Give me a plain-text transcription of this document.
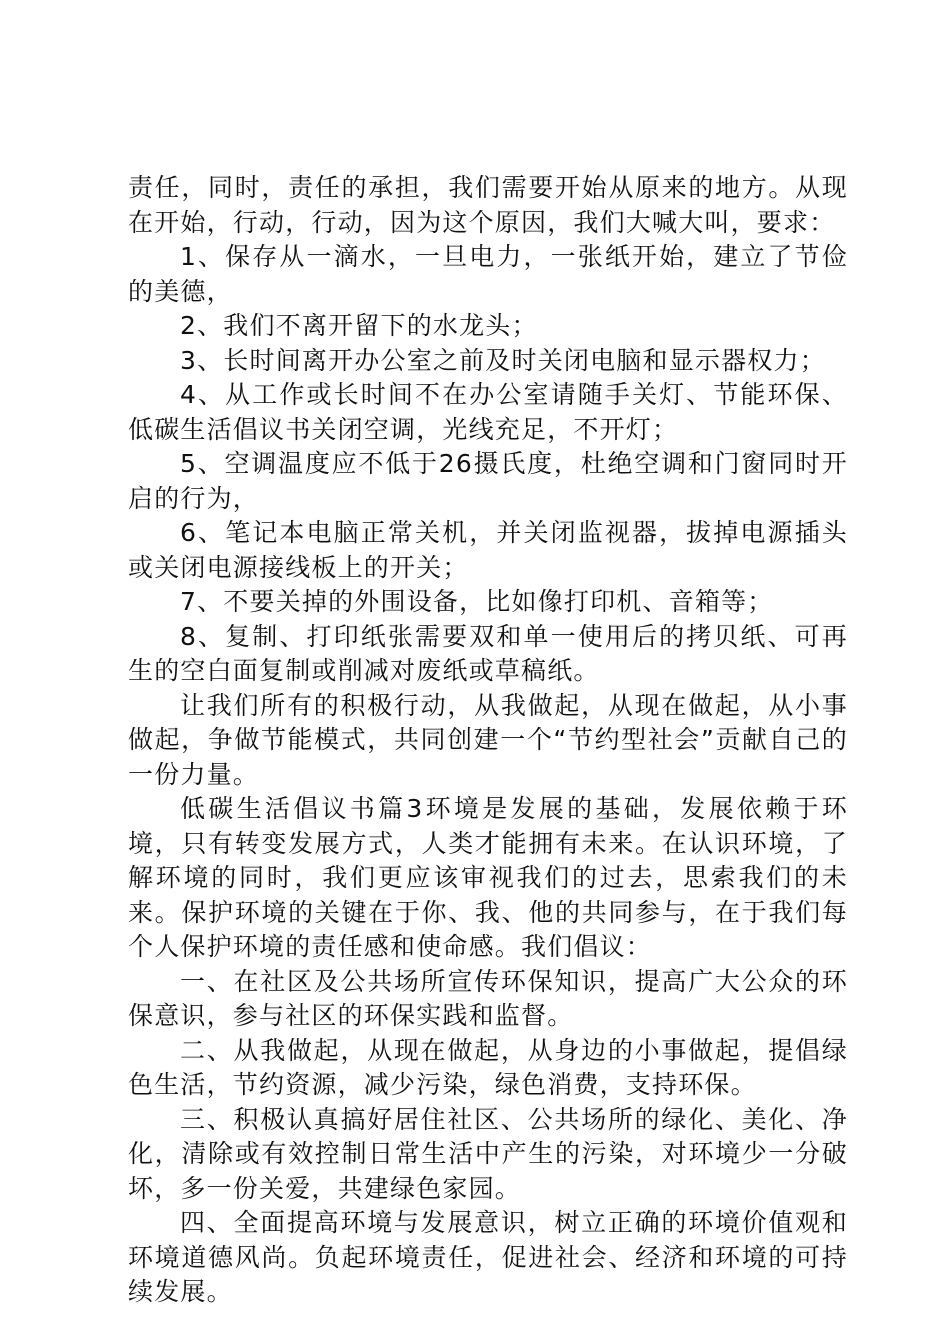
责任，同时，责任的承担，我们需要开始从原来的地方。从现在开始，行动，行动，因为这个原因，我们大喊大叫，要求：

1、保存从一滴水，一旦电力，一张纸开始，建立了节俭的美德，

2、我们不离开留下的水龙头；

3、长时间离开办公室之前及时关闭电脑和显示器权力；

4、从工作或长时间不在办公室请随手关灯、节能环保、低碳生活倡议书关闭空调，光线充足，不开灯；

5、空调温度应不低于26摄氏度，杜绝空调和门窗同时开启的行为，

6、笔记本电脑正常关机，并关闭监视器，拔掉电源插头或关闭电源接线板上的开关；

7、不要关掉的外围设备，比如像打印机、音箱等；

8、复制、打印纸张需要双和单一使用后的拷贝纸、可再生的空白面复制或削减对废纸或草稿纸。

让我们所有的积极行动，从我做起，从现在做起，从小事做起，争做节能模式，共同创建一个“节约型社会”贡献自己的一份力量。

低碳生活倡议书篇3环境是发展的基础，发展依赖于环境，只有转变发展方式，人类才能拥有未来。在认识环境，了解环境的同时，我们更应该审视我们的过去，思索我们的未来。保护环境的关键在于你、我、他的共同参与，在于我们每个人保护环境的责任感和使命感。我们倡议：

一、在社区及公共场所宣传环保知识，提高广大公众的环保意识，参与社区的环保实践和监督。

二、从我做起，从现在做起，从身边的小事做起，提倡绿色生活，节约资源，减少污染，绿色消费，支持环保。

三、积极认真搞好居住社区、公共场所的绿化、美化、净化，清除或有效控制日常生活中产生的污染，对环境少一分破坏，多一份关爱，共建绿色家园。

四、全面提高环境与发展意识，树立正确的环境价值观和环境道德风尚。负起环境责任，促进社会、经济和环境的可持续发展。
